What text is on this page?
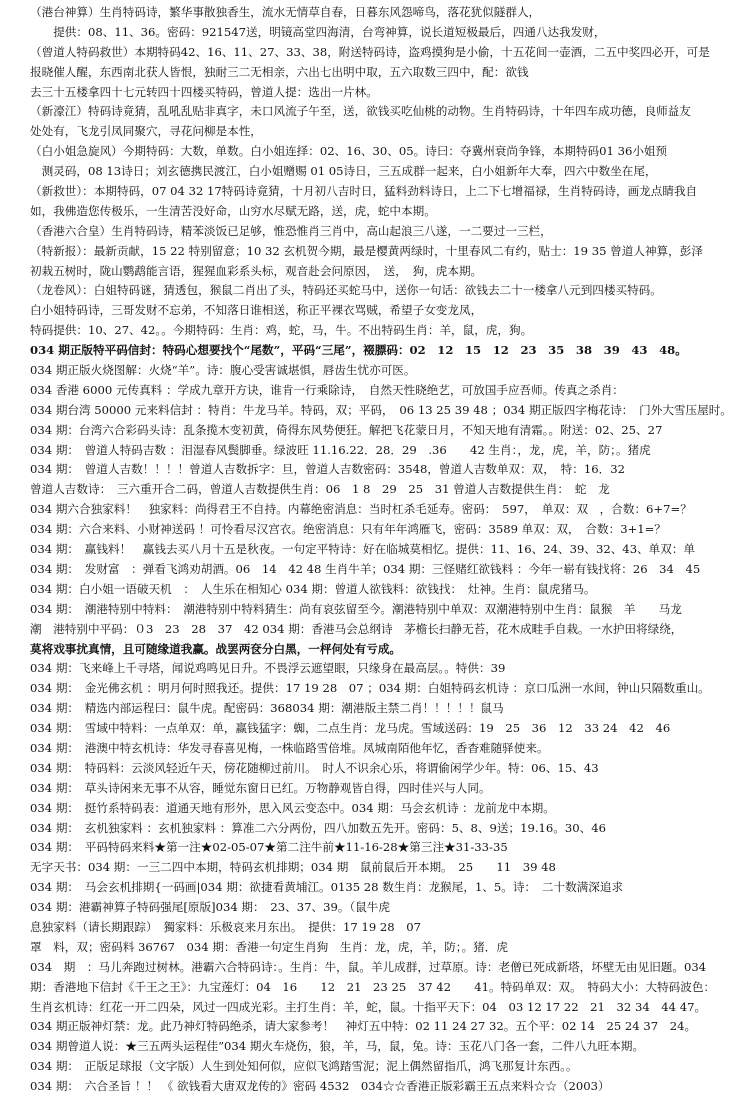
（港台神算）生肖特码诗，繁华事散独香生，流水无情草自春，日暮东风怨啼鸟，落花犹似隧群人，
　　提供：08、11、36。密码：921547送，明镜高堂四海清，台弯神算，说长道短极最后，四通八达我发财，
（曾道人特码救世）本期特码42、16、11、27、33、38，附送特码诗，盗鸡摸狗是小偷，十五花间一壶酒，二五中奖四必开，可是
报晓催人醒，东西南北获人皆恨，独耐三二无相亲，六出七出明中取，五六取数三四中，配：欲钱
去三十五楼拿四十七元转四十四楼买特码，曾道人提：选出一片林。
（新濠江）特码诗竟猜，乱吼乱贴非真字，未口风流子午至，送，欲钱买吃仙桃的动物。生肖特码诗，十年四车成功德，良师益友
处处有，飞龙引凤同聚穴，寻花问柳是本性，
（白小姐急旋风）今期特码：大数，单数。白小姐连择：02、16、30、05。诗曰：夺冀州衰尚争锋，本期特码01 36小姐预
　测灵码，08 13诗日；刘玄德携民渡江，白小姐赠赐 01 05诗日，三五成群一起来，白小姐新年大奉，四六中数坐在尾，
（新救世）：本期特码，07 04 32 17特码诗竟猜，十月初八吉时日，猛料劲料诗日，上二下七增福禄，生肖特码诗，画龙点睛我自
如，我佛造您传极乐，一生清苦没好命，山穷水尽赋无路，送，虎，蛇中本期。
（香港六合皇）生肖特码诗，精苯淡饭已足够，惟恐惟肖三肖中，高山起浪三八遂，一二要过一三栏，
（特新报）：最新贡献，15 22 特别留意；10 32 玄机贺今期，最是樱黄两绿时，十里春风二有约，贴士：19 35 曾道人神算，彭泽
初栽五树时，陇山鹦鹉能言语，猩猩血彩系头标，观音赴会问原因，　送，　狗，虎本期。
（龙卷风）：白姐特码谜，猜透包，猴鼠二肖出了头，特码还买蛇马中，送你一句话：欲钱去二十一楼拿八元到四楼买特码。
白小姐特码诗，三哥发财不忘弟，不知落日谁相送，称正平裸衣骂贼，希望子女变龙凤，
特码提供：10、27、42。。今期特码：生肖：鸡，蛇，马，牛。不出特码生肖：羊，鼠，虎，狗。
034 期正版特平码信封：特码心想要找个“尾数”，平码“三尾”，裰膘码：02　12　15　12　23　35　38　39　43　48。
034 期正版火烧图解：火烧“羊”。诗：腹心受害诚堪惧，唇齿生忧亦可医。
034 香港 6000 元传真料 ：学成九章开方诀，谁肯一行乘除诗，　自然天性晓绝艺，可放国手应吾师。传真之杀肖：
034 期台湾 50000 元来料信封 ：特肖：牛龙马羊。特码，双；平码，　06 13 25 39 48 ；034 期正版四字梅花诗：　门外大雪压屋时。
034 期：台湾六合彩码头诗：乱条揽木变初黄，倚得东风势便狂。解把飞花蒙日月，不知天地有清霜。。附送：02、25、27
034 期：　曾道人特码吉数 ：泪湿春风鬓脚垂。绿波旺 11.16.22．28．29　.36　　42 生肖：，龙，虎，羊，防；。猪虎
034 期：　曾道人吉数！！！！曾道人吉数拆字：旦，曾道人吉数密码：3548，曾道人吉数单双：双，　特：16．32
曾道人吉数诗：　三六重开合二码，曾道人吉数提供生肖：06　1 8　29　25　31 曾道人吉数提供生肖：　蛇　龙
034 期六合独家料！　独家料：尚得君王不自持。内幕绝密消息：当时杠杀毛延寿。密码：　597，　单双：双　，合数：6+7=？
034 期：六合来料、小财神送码 ！可怜看尽汉宫衣。绝密消息：只有年年鸿雁飞，密码：3589 单双：双，　合数：3+1=？
034 期：　赢钱料！　赢钱去买八月十五是秋夜。一句定平特诗：好在临城莫相忆。提供：11、16、24、39、32、43、单双：单
034 期：　发财富　：弹看飞鸿劝胡酒。06　14　42 48 生肖牛羊；034 期：三怪赌红欲钱料 ：今年一崭有钱找将：26　34　45
034 期：白小姐一语破天机　：　人生乐在相知心 034 期：曾道人欲钱料：欲钱找：　灶神。生肖：鼠虎猪马。
034 期：　潮港特别中特料：　潮港特别中特料猜生：尚有哀弦留至今。潮港特别中单双：双潮港特别中生肖：鼠猴　羊　　马龙
潮　港特别中平码：０3　23　28　37　42 034 期：香港马会总纲诗　茅檐长扫静无苔，花木成畦手自栽。一水护田将绿绕，
莫将戏事扰真情，且可随缘道我赢。战罢两奁分白黑，一枰何处有亏成。
034 期：飞来峰上千寻塔，闻说鸡鸣见日升。不畏浮云遮望眼，只缘身在最高层。。特供：39
034 期：　金光佛玄机 ：明月何时照我还。提供：17 19 28　07 ；034 期：白姐特码玄机诗 ：京口瓜洲一水间，钟山只隔数重山。
034 期：　精选内部运程曰：鼠牛虎。配密码：368034 期：潮港版主禁二肖！！！！！鼠马
034 期：　雪域中特料：一点单双：单，赢钱猛字：蜘，二点生肖：龙马虎。雪域送码：19　25　36　12　33 24　42　46
034 期：　港澳中特玄机诗：华发寻春喜见梅，一株临路雪倍堆。凤城南陌他年忆，香杳难随驿使来。
034 期：　特码料：云淡风轻近午天，傍花随柳过前川。　时人不识余心乐，将谓偷闲学少年。特：06、15、43
034 期：　草头诗闲来无事不从容，睡觉东窗日已红。万物静观皆自得，四时佳兴与人同。
034 期：　挺竹系特码表：道通天地有形外，思入风云变态中。034 期：马会玄机诗 ：龙前龙中本期。
034 期：　玄机独家料 ：玄机独家料 ：算准二六分两份，四八加数五先开。密码：5、8、9送；19.16。30、46
034 期：　平码特码来料★第一注★02-05-07★第二注牛前★11-16-28★第三注★31-33-35
无字天书：034 期：一三二四中本期，特码玄机排期；034 期　鼠前鼠后开本期。　25　　11　39 48
034 期：　马会玄机排期{一码画|034 期：欲捷看黄埔江。0135 28 数生肖：龙猴尾，1、5。诗：　二十数满深追求
034 期：港霸神算子特码强尾[原版]034 期：　23、37、39。（鼠牛虎
息独家料（请长期跟踪）　獨家料：乐极哀来月东出。　提供：17 19 28　07
罩　料，双；密码料 36767　034 期：香港一句定生肖狗　生肖：龙，虎，羊，防；。猪．虎
034　期　：马儿奔跑过树林。港霸六合特码诗：。生肖：牛，鼠。羊儿成群，过草原。诗：老僧已死成新塔，坏壁无由见旧题。034
期：香港地下信封《千王之王》：九宝莲灯：04　16　　12　21　23 25　37 42　　41。特码单双：双。　特码大小：大特码波色：
生肖玄机诗：红花一开二四朵，风过一四成光彩。主打生肖：羊，蛇，鼠。十指平天下：04　03 12 17 22　21　32 34　44 47。
034 期正版神灯禁：龙。此乃神灯特码绝杀，请大家参考！　神灯五中特：02 11 24 27 32。五个平：02 14　25 24 37　24。
034 期曾道人说：★三五两头运程佳”034 期火车烧伤，狼，羊，马，鼠，兔。诗：玉花八门各一套，二件八九旺本期。
034 期：　正版足球报（文字版）人生到处知何似，应似飞鸿踏雪泥；泥上偶然留指爪，鸿飞那复计东西。。
034 期：　六合圣旨 ！！ 《 欲钱看大唐双龙传的》密码 4532　034☆☆香港正版彩霸王五点来料☆☆（2003）
